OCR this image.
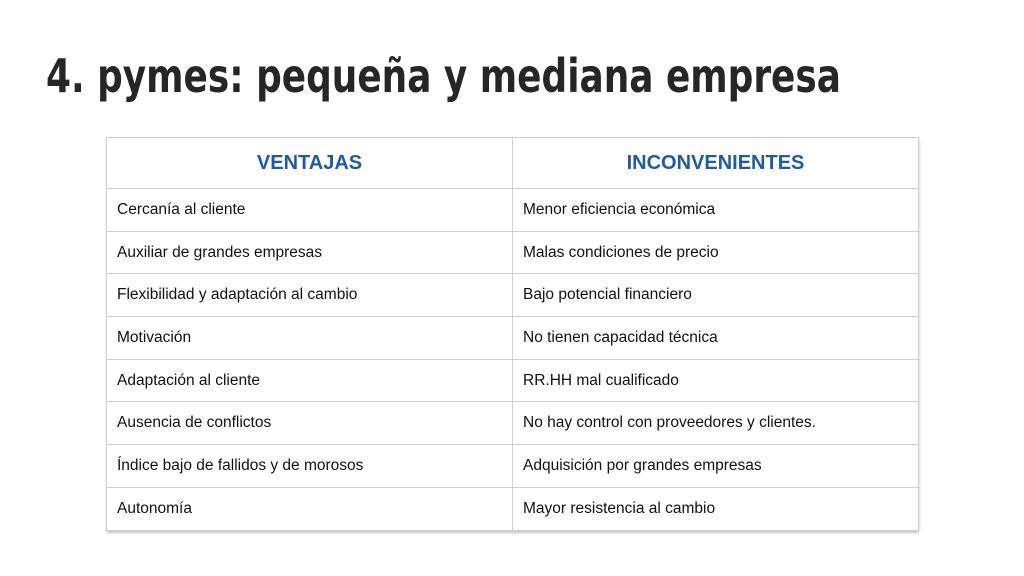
4. pymes: pequeña y mediana empresa
VENTAJAS	INCONVENIENTES
Cercanía al cliente	Menor eficiencia económica
Auxiliar de grandes empresas	Malas condiciones de precio
Flexibilidad y adaptación al cambio	Bajo potencial financiero
Motivación	No tienen capacidad técnica
Adaptación al cliente	RR.HH mal cualificado
Ausencia de conflictos	No hay control con proveedores y clientes.
Índice bajo de fallidos y de morosos	Adquisición por grandes empresas
Autonomía	Mayor resistencia al cambio
